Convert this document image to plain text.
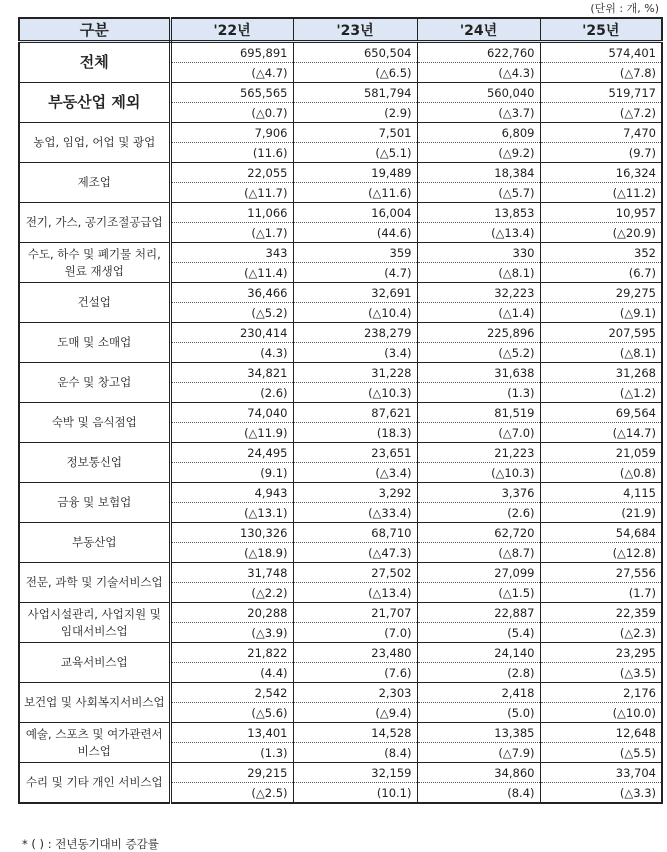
(단위 : 개, %)
구분	'22년	'23년	'24년	'25년
전체	695,891	650,504	622,760	574,401
	(△4.7)	(△6.5)	(△4.3)	(△7.8)
부동산업 제외	565,565	581,794	560,040	519,717
	(△0.7)	(2.9)	(△3.7)	(△7.2)
농업, 임업, 어업 및 광업	7,906	7,501	6,809	7,470
	(11.6)	(△5.1)	(△9.2)	(9.7)
제조업	22,055	19,489	18,384	16,324
	(△11.7)	(△11.6)	(△5.7)	(△11.2)
전기, 가스, 공기조절공급업	11,066	16,004	13,853	10,957
	(△1.7)	(44.6)	(△13.4)	(△20.9)
수도, 하수 및 폐기물 처리, 원료 재생업	343	359	330	352
	(△11.4)	(4.7)	(△8.1)	(6.7)
건설업	36,466	32,691	32,223	29,275
	(△5.2)	(△10.4)	(△1.4)	(△9.1)
도매 및 소매업	230,414	238,279	225,896	207,595
	(4.3)	(3.4)	(△5.2)	(△8.1)
운수 및 창고업	34,821	31,228	31,638	31,268
	(2.6)	(△10.3)	(1.3)	(△1.2)
숙박 및 음식점업	74,040	87,621	81,519	69,564
	(△11.9)	(18.3)	(△7.0)	(△14.7)
정보통신업	24,495	23,651	21,223	21,059
	(9.1)	(△3.4)	(△10.3)	(△0.8)
금융 및 보험업	4,943	3,292	3,376	4,115
	(△13.1)	(△33.4)	(2.6)	(21.9)
부동산업	130,326	68,710	62,720	54,684
	(△18.9)	(△47.3)	(△8.7)	(△12.8)
전문, 과학 및 기술서비스업	31,748	27,502	27,099	27,556
	(△2.2)	(△13.4)	(△1.5)	(1.7)
사업시설관리, 사업지원 및 임대서비스업	20,288	21,707	22,887	22,359
	(△3.9)	(7.0)	(5.4)	(△2.3)
교육서비스업	21,822	23,480	24,140	23,295
	(4.4)	(7.6)	(2.8)	(△3.5)
보건업 및 사회복지서비스업	2,542	2,303	2,418	2,176
	(△5.6)	(△9.4)	(5.0)	(△10.0)
예술, 스포츠 및 여가관련서비스업	13,401	14,528	13,385	12,648
	(1.3)	(8.4)	(△7.9)	(△5.5)
수리 및 기타 개인 서비스업	29,215	32,159	34,860	33,704
	(△2.5)	(10.1)	(8.4)	(△3.3)
* ( ) : 전년동기대비 증감률
